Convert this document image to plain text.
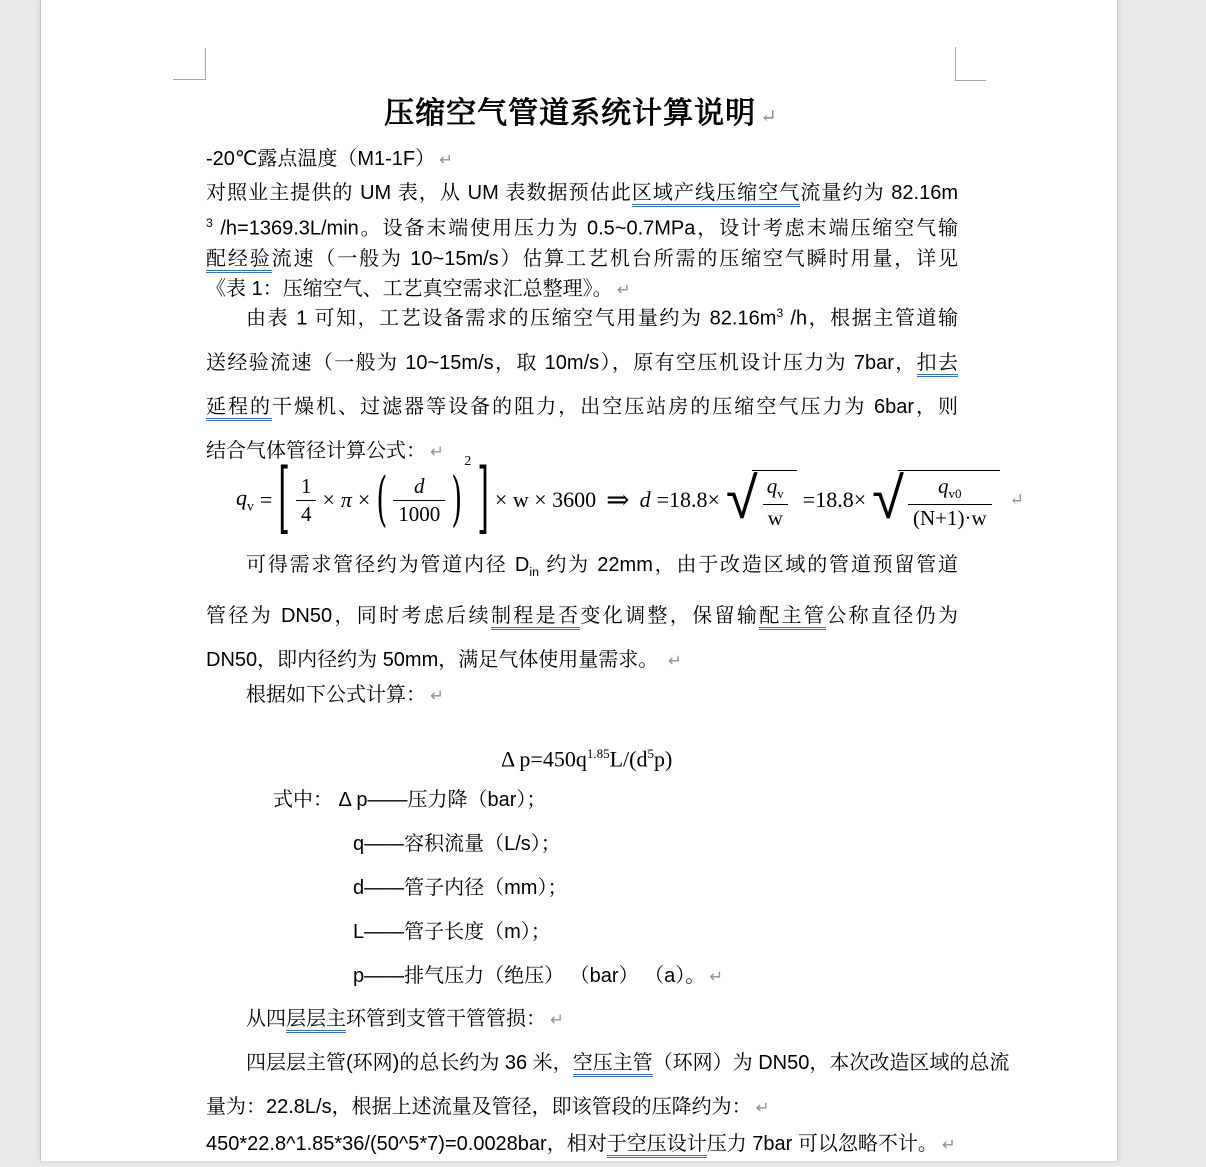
压缩空气管道系统计算说明 ↵
-20℃露点温度（M1-1F） ↵
对照业主提供的 UM 表，从 UM 表数据预估此区域产线压缩空气流量约为 82.16m
$^3$ /h=1369.3L/min。设备末端使用压力为 0.5~0.7MPa，设计考虑末端压缩空气输
配经验流速（一般为 10~15m/s）估算工艺机台所需的压缩空气瞬时用量，详见
《表 1：压缩空气、工艺真空需求汇总整理》。 ↵
由表 1 可知，工艺设备需求的压缩空气用量约为 $82.16m^3$ /h，根据主管道输
送经验流速（一般为 10~15m/s，取 10m/s），原有空压机设计压力为 7bar，扣去
延程的干燥机、过滤器等设备的阻力，出空压站房的压缩空气压力为 6bar，则
结合气体管径计算公式： ↵
$q_v$ = [ $\frac{1}{4} \times \pi$ × ( $\frac{d}{1000}$ )
2 ] × w × 3600 ⇒ d =18.8× √ $\frac{q_v}{w} =18.8\times$ √ $\frac{q_{v0}}{(N+1)\cdot w}$ ↵
可得需求管径约为管道内径 $D_{in}$ 约为 22mm，由于改造区域的管道预留管道
管径为 DN50，同时考虑后续制程是否变化调整，保留输配主管公称直径仍为
DN50，即内径约为 50mm，满足气体使用量需求。 ↵
根据如下公式计算： ↵
Δ $p=450q^{1.85}L/(d^5p)$
式中： Δ p——压力降（bar）；
q——容积流量（L/s）；
d——管子内径（mm）；
L——管子长度（m）；
p——排气压力（绝压） （bar） （a）。 ↵
从四层层主环管到支管干管管损： ↵
四层层主管(环网)的总长约为 36 米，空压主管（环网）为 DN50，本次改造区域的总流
量为：22.8L/s，根据上述流量及管径，即该管段的压降约为： ↵
450*22.8^1.85*36/(50^5*7)=0.0028bar，相对于空压设计压力 7bar 可以忽略不计。 ↵
